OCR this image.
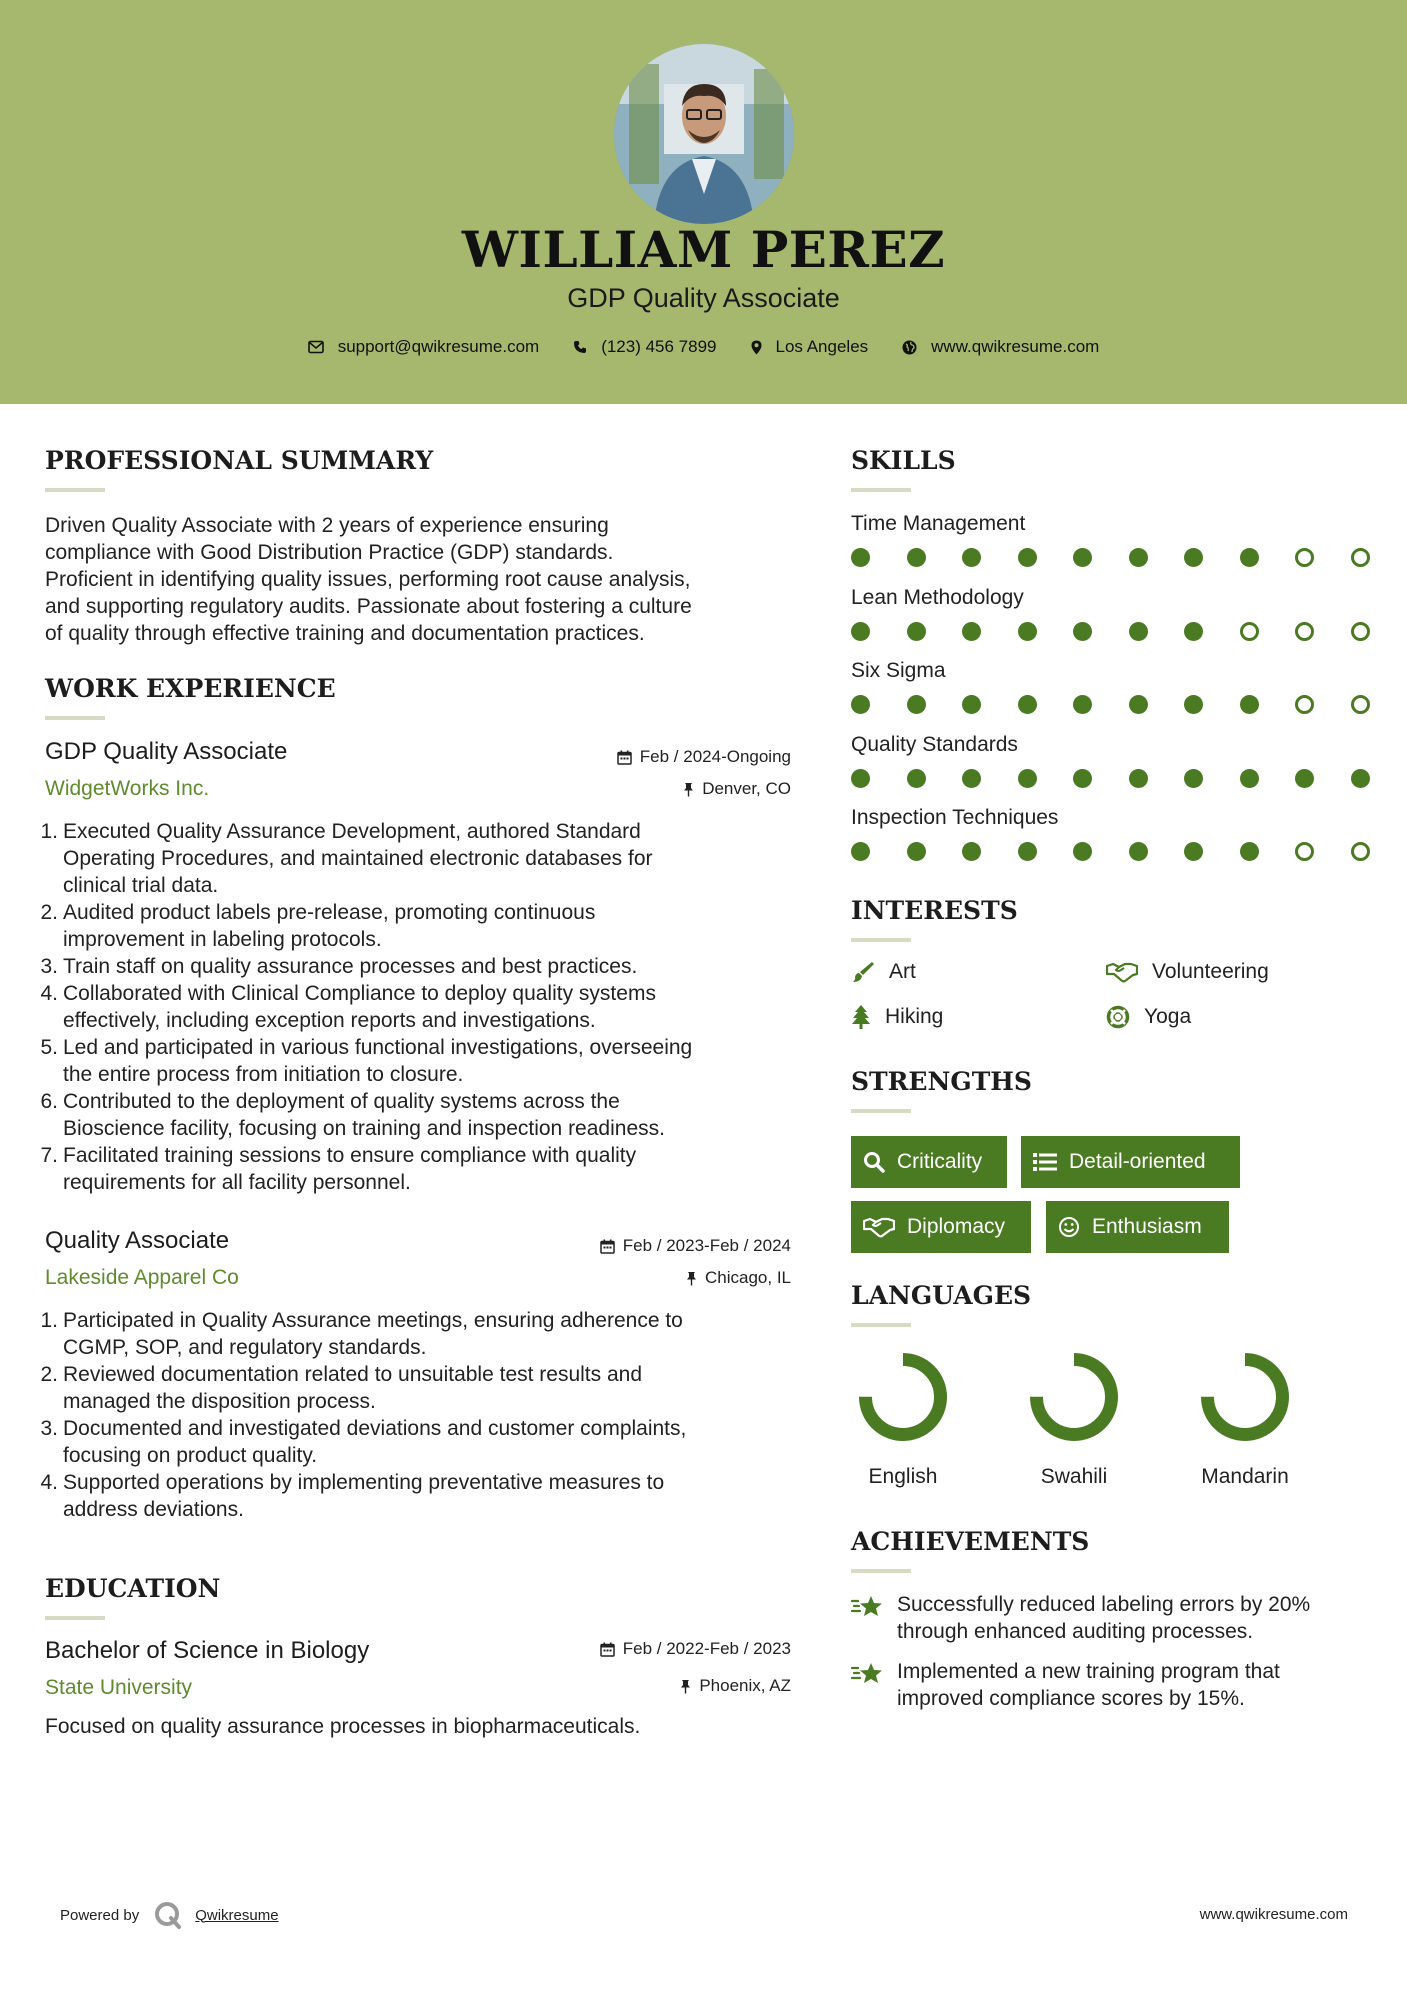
WILLIAM PEREZ
GDP Quality Associate
support@qwikresume.com	(123) 456 7899	Los Angeles	www.qwikresume.com
PROFESSIONAL SUMMARY
Driven Quality Associate with 2 years of experience ensuring
compliance with Good Distribution Practice (GDP) standards.
Proficient in identifying quality issues, performing root cause analysis,
and supporting regulatory audits. Passionate about fostering a culture
of quality through effective training and documentation practices.
WORK EXPERIENCE
GDP Quality Associate
WidgetWorks Inc.
Feb / 2024-Ongoing
Denver, CO
1. Executed Quality Assurance Development, authored Standard
Operating Procedures, and maintained electronic databases for
clinical trial data.
2. Audited product labels pre-release, promoting continuous
improvement in labeling protocols.
3. Train staff on quality assurance processes and best practices.
4. Collaborated with Clinical Compliance to deploy quality systems
effectively, including exception reports and investigations.
5. Led and participated in various functional investigations, overseeing
the entire process from initiation to closure.
6. Contributed to the deployment of quality systems across the
Bioscience facility, focusing on training and inspection readiness.
7. Facilitated training sessions to ensure compliance with quality
requirements for all facility personnel.
Quality Associate
Lakeside Apparel Co
Feb / 2023-Feb / 2024
Chicago, IL
1. Participated in Quality Assurance meetings, ensuring adherence to
CGMP, SOP, and regulatory standards.
2. Reviewed documentation related to unsuitable test results and
managed the disposition process.
3. Documented and investigated deviations and customer complaints,
focusing on product quality.
4. Supported operations by implementing preventative measures to
address deviations.
EDUCATION
Bachelor of Science in Biology
State University
Feb / 2022-Feb / 2023
Phoenix, AZ
Focused on quality assurance processes in biopharmaceuticals.
SKILLS
Time Management
Lean Methodology
Six Sigma
Quality Standards
Inspection Techniques
INTERESTS
Art	Volunteering
Hiking	Yoga
STRENGTHS
Criticality	Detail-oriented
Diplomacy	Enthusiasm
LANGUAGES
English	Swahili	Mandarin
ACHIEVEMENTS
Successfully reduced labeling errors by 20%
through enhanced auditing processes.
Implemented a new training program that
improved compliance scores by 15%.
Powered by	Qwikresume	www.qwikresume.com
